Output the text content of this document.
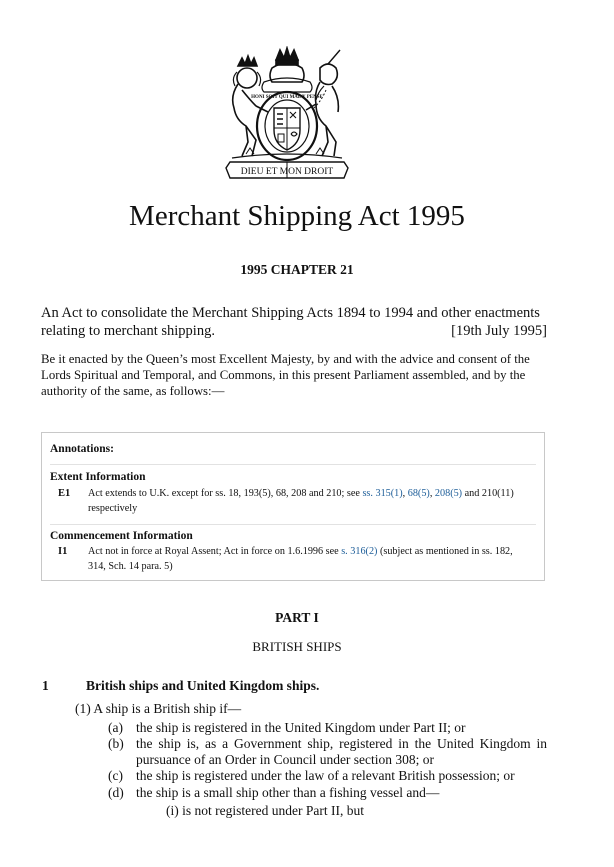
HONI SOIT QUI MAL Y PENSE
DIEU ET MON DROIT
Merchant Shipping Act 1995
1995 CHAPTER 21
An Act to consolidate the Merchant Shipping Acts 1894 to 1994 and other enactments relating to merchant shipping.	[19th July 1995]
Be it enacted by the Queen’s most Excellent Majesty, by and with the advice and consent of the Lords Spiritual and Temporal, and Commons, in this present Parliament assembled, and by the authority of the same, as follows:—
Annotations:
Extent Information
E1 Act extends to U.K. except for ss. 18, 193(5), 68, 208 and 210; see ss. 315(1), 68(5), 208(5) and 210(11) respectively
Commencement Information
I1 Act not in force at Royal Assent; Act in force on 1.6.1996 see s. 316(2) (subject as mentioned in ss. 182, 314, Sch. 14 para. 5)
PART I
BRITISH SHIPS
1	British ships and United Kingdom ships.
(1) A ship is a British ship if—
(a) the ship is registered in the United Kingdom under Part II; or
(b) the ship is, as a Government ship, registered in the United Kingdom in pursuance of an Order in Council under section 308; or
(c) the ship is registered under the law of a relevant British possession; or
(d) the ship is a small ship other than a fishing vessel and—
(i) is not registered under Part II, but
